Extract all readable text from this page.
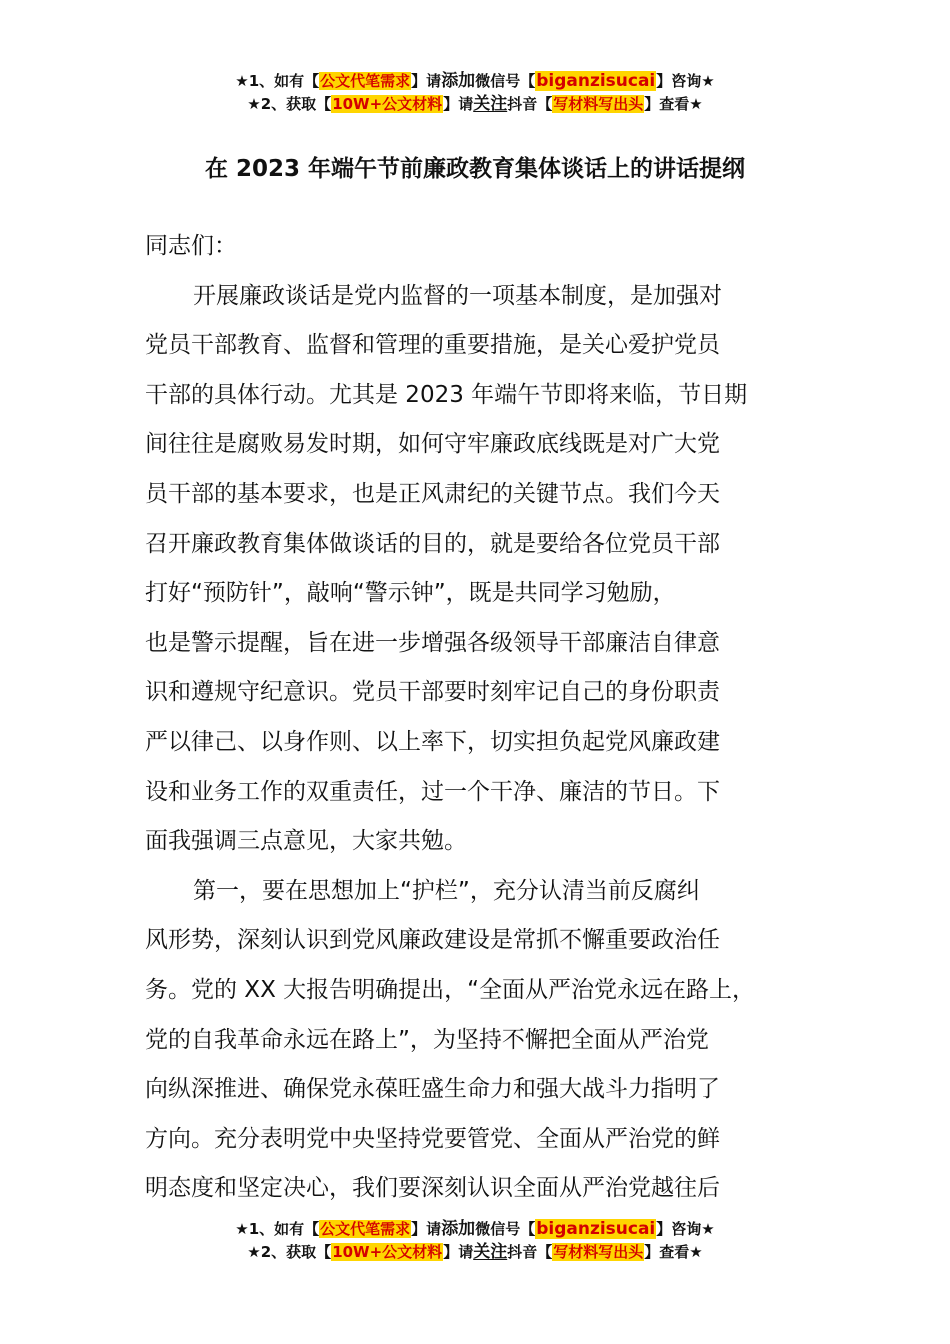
★1、如有【公文代笔需求】请添加微信号【biganzisucai】咨询★
★2、获取【10W+公文材料】请关注抖音【写材料写出头】查看★
在 2023 年端午节前廉政教育集体谈话上的讲话提纲
同志们：
开展廉政谈话是党内监督的一项基本制度，是加强对
党员干部教育、监督和管理的重要措施，是关心爱护党员
干部的具体行动。尤其是 2023 年端午节即将来临，节日期
间往往是腐败易发时期，如何守牢廉政底线既是对广大党
员干部的基本要求，也是正风肃纪的关键节点。我们今天
召开廉政教育集体做谈话的目的，就是要给各位党员干部
打好“预防针”，敲响“警示钟”，既是共同学习勉励，
也是警示提醒，旨在进一步增强各级领导干部廉洁自律意
识和遵规守纪意识。党员干部要时刻牢记自己的身份职责
严以律己、以身作则、以上率下，切实担负起党风廉政建
设和业务工作的双重责任，过一个干净、廉洁的节日。下
面我强调三点意见，大家共勉。
第一，要在思想加上“护栏”，充分认清当前反腐纠
风形势，深刻认识到党风廉政建设是常抓不懈重要政治任
务。党的 XX 大报告明确提出，“全面从严治党永远在路上，
党的自我革命永远在路上”，为坚持不懈把全面从严治党
向纵深推进、确保党永葆旺盛生命力和强大战斗力指明了
方向。充分表明党中央坚持党要管党、全面从严治党的鲜
明态度和坚定决心，我们要深刻认识全面从严治党越往后
★1、如有【公文代笔需求】请添加微信号【biganzisucai】咨询★
★2、获取【10W+公文材料】请关注抖音【写材料写出头】查看★
